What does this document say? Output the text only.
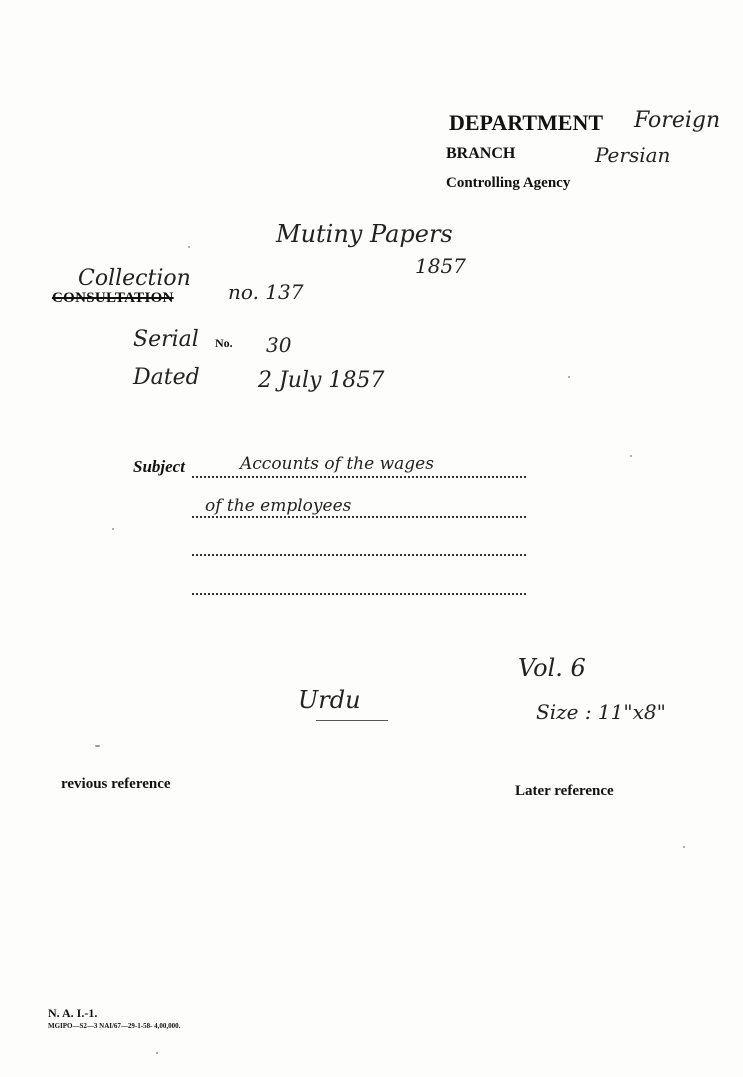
DEPARTMENT Foreign
BRANCH	Persian
Controlling Agency
Mutiny Papers
1857
Collection
CONSULTATION	no. 137
Serial No. 30
Dated	2 July 1857
Subject	Accounts of the wages
of the employees
Vol. 6
Size : 11"x8"
Urdu
revious reference	Later reference
N. A. I.-1.
MGIPO—S2—3 NAI/67—29-1-58- 4,00,000.
